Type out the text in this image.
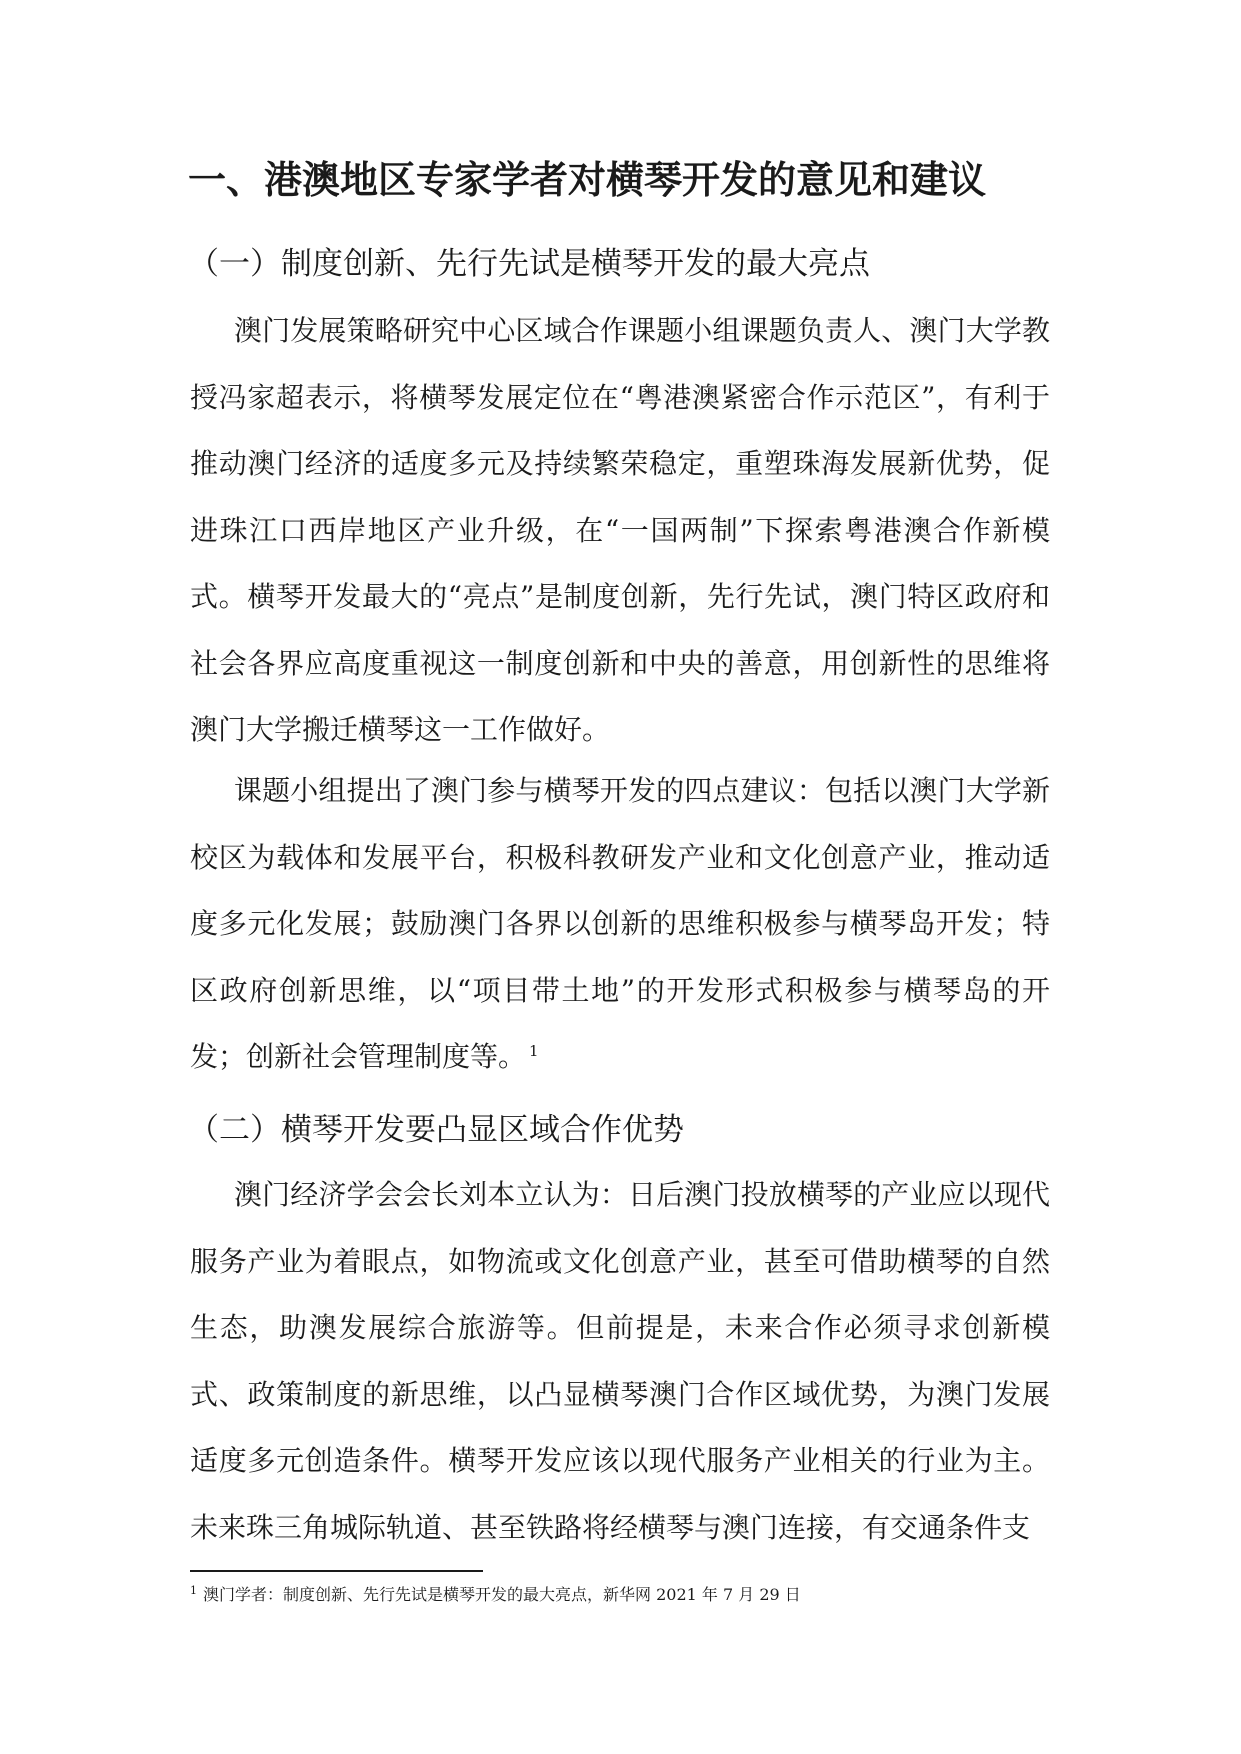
一、港澳地区专家学者对横琴开发的意见和建议
（一）制度创新、先行先试是横琴开发的最大亮点

澳门发展策略研究中心区域合作课题小组课题负责人、澳门大学教授冯家超表示，将横琴发展定位在“粤港澳紧密合作示范区”，有利于推动澳门经济的适度多元及持续繁荣稳定，重塑珠海发展新优势，促进珠江口西岸地区产业升级，在“一国两制”下探索粤港澳合作新模式。横琴开发最大的“亮点”是制度创新，先行先试，澳门特区政府和社会各界应高度重视这一制度创新和中央的善意，用创新性的思维将澳门大学搬迁横琴这一工作做好。

课题小组提出了澳门参与横琴开发的四点建议：包括以澳门大学新校区为载体和发展平台，积极科教研发产业和文化创意产业，推动适度多元化发展；鼓励澳门各界以创新的思维积极参与横琴岛开发；特区政府创新思维，以“项目带土地”的开发形式积极参与横琴岛的开发；创新社会管理制度等。 $^1$

（二）横琴开发要凸显区域合作优势

澳门经济学会会长刘本立认为：日后澳门投放横琴的产业应以现代服务产业为着眼点，如物流或文化创意产业，甚至可借助横琴的自然生态，助澳发展综合旅游等。但前提是，未来合作必须寻求创新模式、政策制度的新思维，以凸显横琴澳门合作区域优势，为澳门发展适度多元创造条件。横琴开发应该以现代服务产业相关的行业为主。未来珠三角城际轨道、甚至铁路将经横琴与澳门连接，有交通条件支

$^1$ 澳门学者：制度创新、先行先试是横琴开发的最大亮点，新华网 2021 年 7 月 29 日
